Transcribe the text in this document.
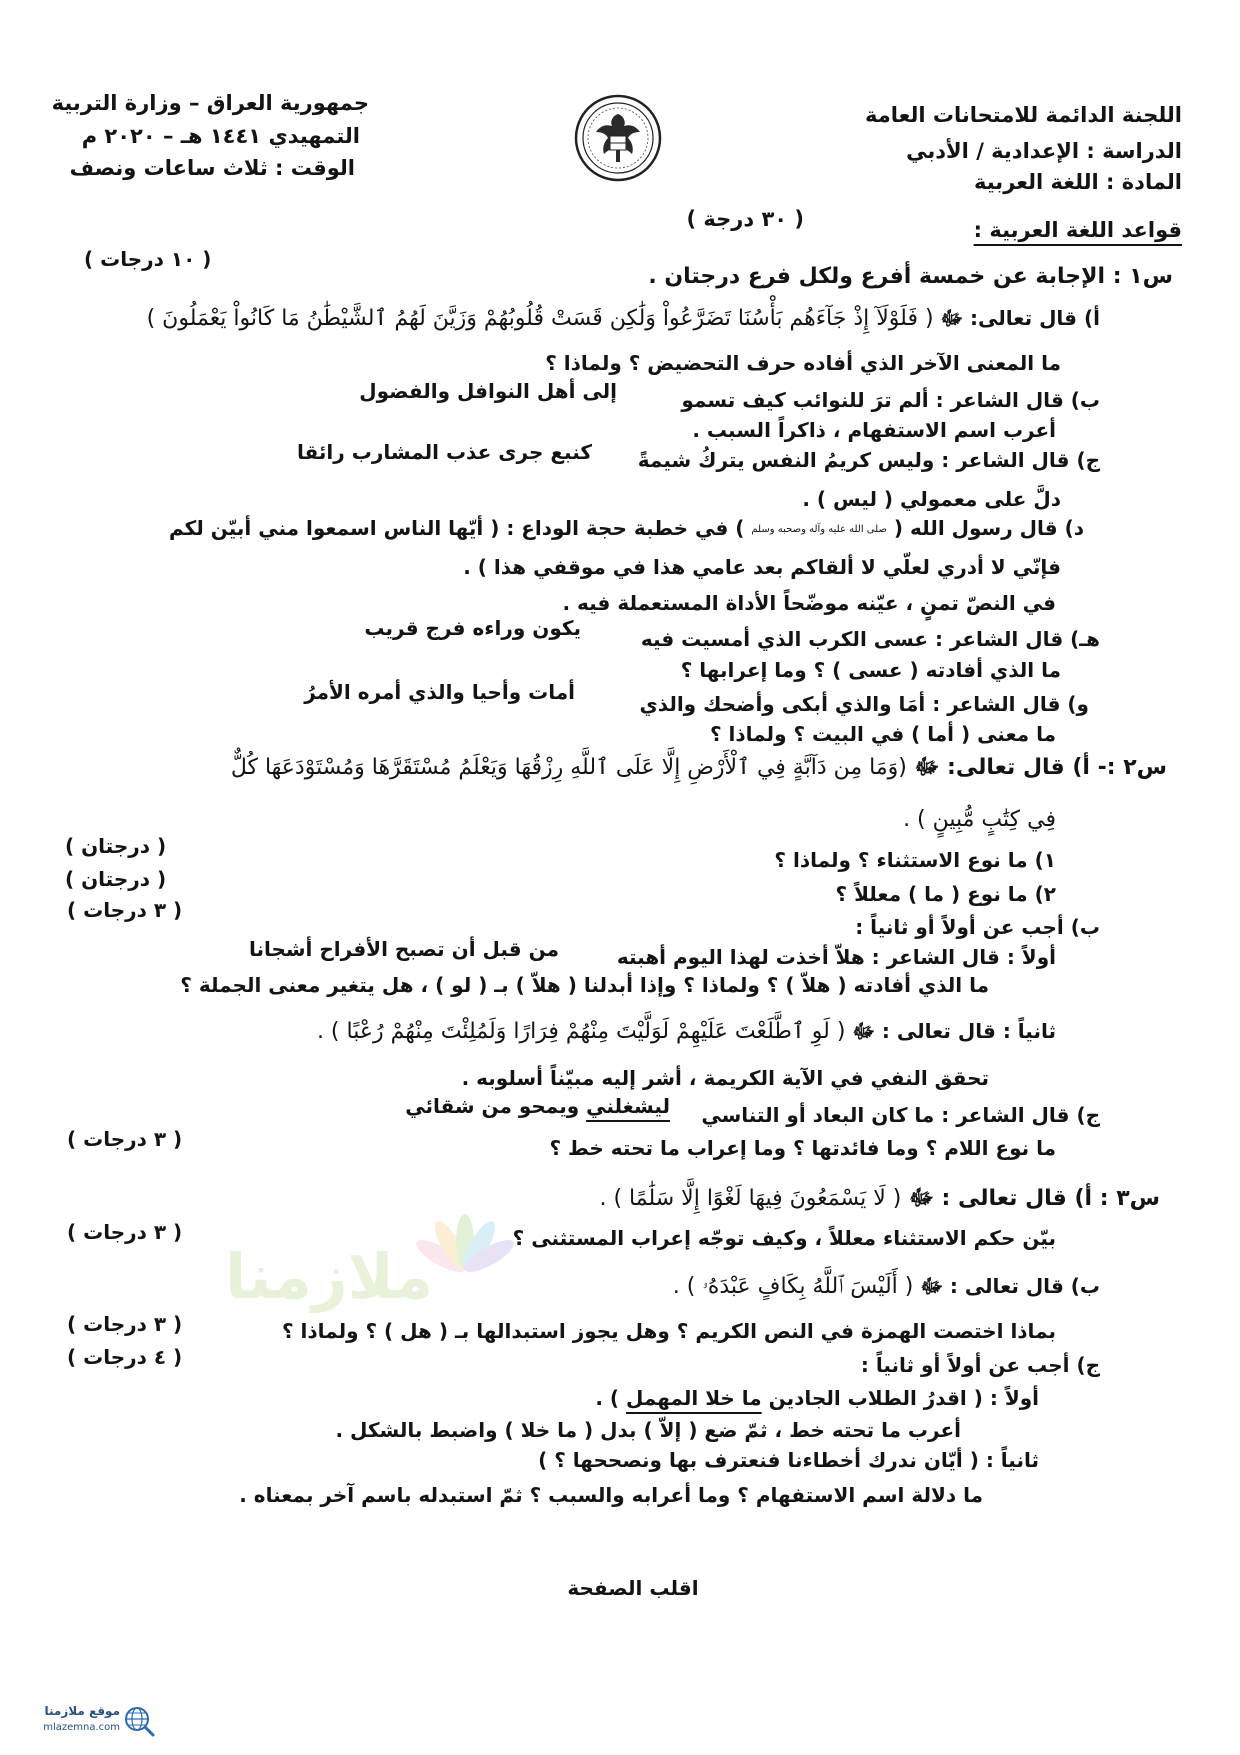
ملازمنا
اللجنة الدائمة للامتحانات العامة
الدراسة : الإعدادية / الأدبي
المادة : اللغة العربية
جمهورية العراق – وزارة التربية
التمهيدي ١٤٤١ هـ – ٢٠٢٠ م
الوقت : ثلاث ساعات ونصف
قواعد اللغة العربية :
( ٣٠ درجة )
( ١٠ درجات )
س١ : الإجابة عن خمسة أفرع ولكل فرع درجتان .
أ) قال تعالى: ﷻ ( فَلَوْلَآ إِذْ جَآءَهُم بَأْسُنَا تَضَرَّعُواْ وَلَٰكِن قَسَتْ قُلُوبُهُمْ وَزَيَّنَ لَهُمُ ٱلشَّيْطَٰنُ مَا كَانُواْ يَعْمَلُونَ )
ما المعنى الآخر الذي أفاده حرف التحضيض ؟ ولماذا ؟
ب) قال الشاعر : ألم ترَ للنوائب كيف تسمو
إلى أهل النوافل والفضول
أعرب اسم الاستفهام ، ذاكراً السبب .
ج) قال الشاعر : وليس كريمُ النفس يتركُ شيمةً
كنبع جرى عذب المشارب رائقا
دلَّ على معمولي ( ليس ) .
د) قال رسول الله ( صلى الله عليه وآله وصحبه وسلم ) في خطبة حجة الوداع : ( أيّها الناس اسمعوا مني أبيّن لكم
فإنّي لا أدري لعلّي لا ألقاكم بعد عامي هذا في موقفي هذا ) .
في النصّ تمنٍ ، عيّنه موضّحاً الأداة المستعملة فيه .
هـ) قال الشاعر : عسى الكرب الذي أمسيت فيه
يكون وراءه فرج قريب
ما الذي أفادته ( عسى ) ؟ وما إعرابها ؟
و) قال الشاعر : أمَا والذي أبكى وأضحك والذي
أمات وأحيا والذي أمره الأمرُ
ما معنى ( أما ) في البيت ؟ ولماذا ؟
س٢ :- أ) قال تعالى: ﷻ (وَمَا مِن دَآبَّةٍ فِي ٱلْأَرْضِ إِلَّا عَلَى ٱللَّهِ رِزْقُهَا وَيَعْلَمُ مُسْتَقَرَّهَا وَمُسْتَوْدَعَهَا كُلٌّ
فِي كِتَٰبٍ مُّبِينٍ ) .
١) ما نوع الاستثناء ؟ ولماذا ؟
( درجتان )
٢) ما نوع ( ما ) معللاً ؟
( درجتان )
ب) أجب عن أولاً أو ثانياً :
( ٣ درجات )
أولاً : قال الشاعر : هلاّ أخذت لهذا اليوم أهبته
من قبل أن تصبح الأفراح أشجانا
ما الذي أفادته ( هلاّ ) ؟ ولماذا ؟ وإذا أبدلنا ( هلاّ ) بـ ( لو ) ، هل يتغير معنى الجملة ؟
ثانياً : قال تعالى : ﷻ ( لَوِ ٱطَّلَعْتَ عَلَيْهِمْ لَوَلَّيْتَ مِنْهُمْ فِرَارًا وَلَمُلِئْتَ مِنْهُمْ رُعْبًا ) .
تحقق النفي في الآية الكريمة ، أشر إليه مبيّناً أسلوبه .
ج) قال الشاعر : ما كان البعاد أو التناسي
ليشغلني ويمحو من شقائي
ما نوع اللام ؟ وما فائدتها ؟ وما إعراب ما تحته خط ؟
( ٣ درجات )
س٣ : أ) قال تعالى : ﷻ ( لَا يَسْمَعُونَ فِيهَا لَغْوًا إِلَّا سَلَٰمًا ) .
بيّن حكم الاستثناء معللاً ، وكيف توجّه إعراب المستثنى ؟
( ٣ درجات )
ب) قال تعالى : ﷻ ( أَلَيْسَ ٱللَّهُ بِكَافٍ عَبْدَهُۥ ) .
بماذا اختصت الهمزة في النص الكريم ؟ وهل يجوز استبدالها بـ ( هل ) ؟ ولماذا ؟
( ٣ درجات )
ج) أجب عن أولاً أو ثانياً :
( ٤ درجات )
أولاً : ( اقدرُ الطلاب الجادين ما خلا المهمل ) .
أعرب ما تحته خط ، ثمّ ضع ( إلاّ ) بدل ( ما خلا ) واضبط بالشكل .
ثانياً : ( أيّان ندرك أخطاءنا فنعترف بها ونصححها ؟ )
ما دلالة اسم الاستفهام ؟ وما أعرابه والسبب ؟ ثمّ استبدله باسم آخر بمعناه .
اقلب الصفحة
موقع ملازمنا
mlazemna.com
